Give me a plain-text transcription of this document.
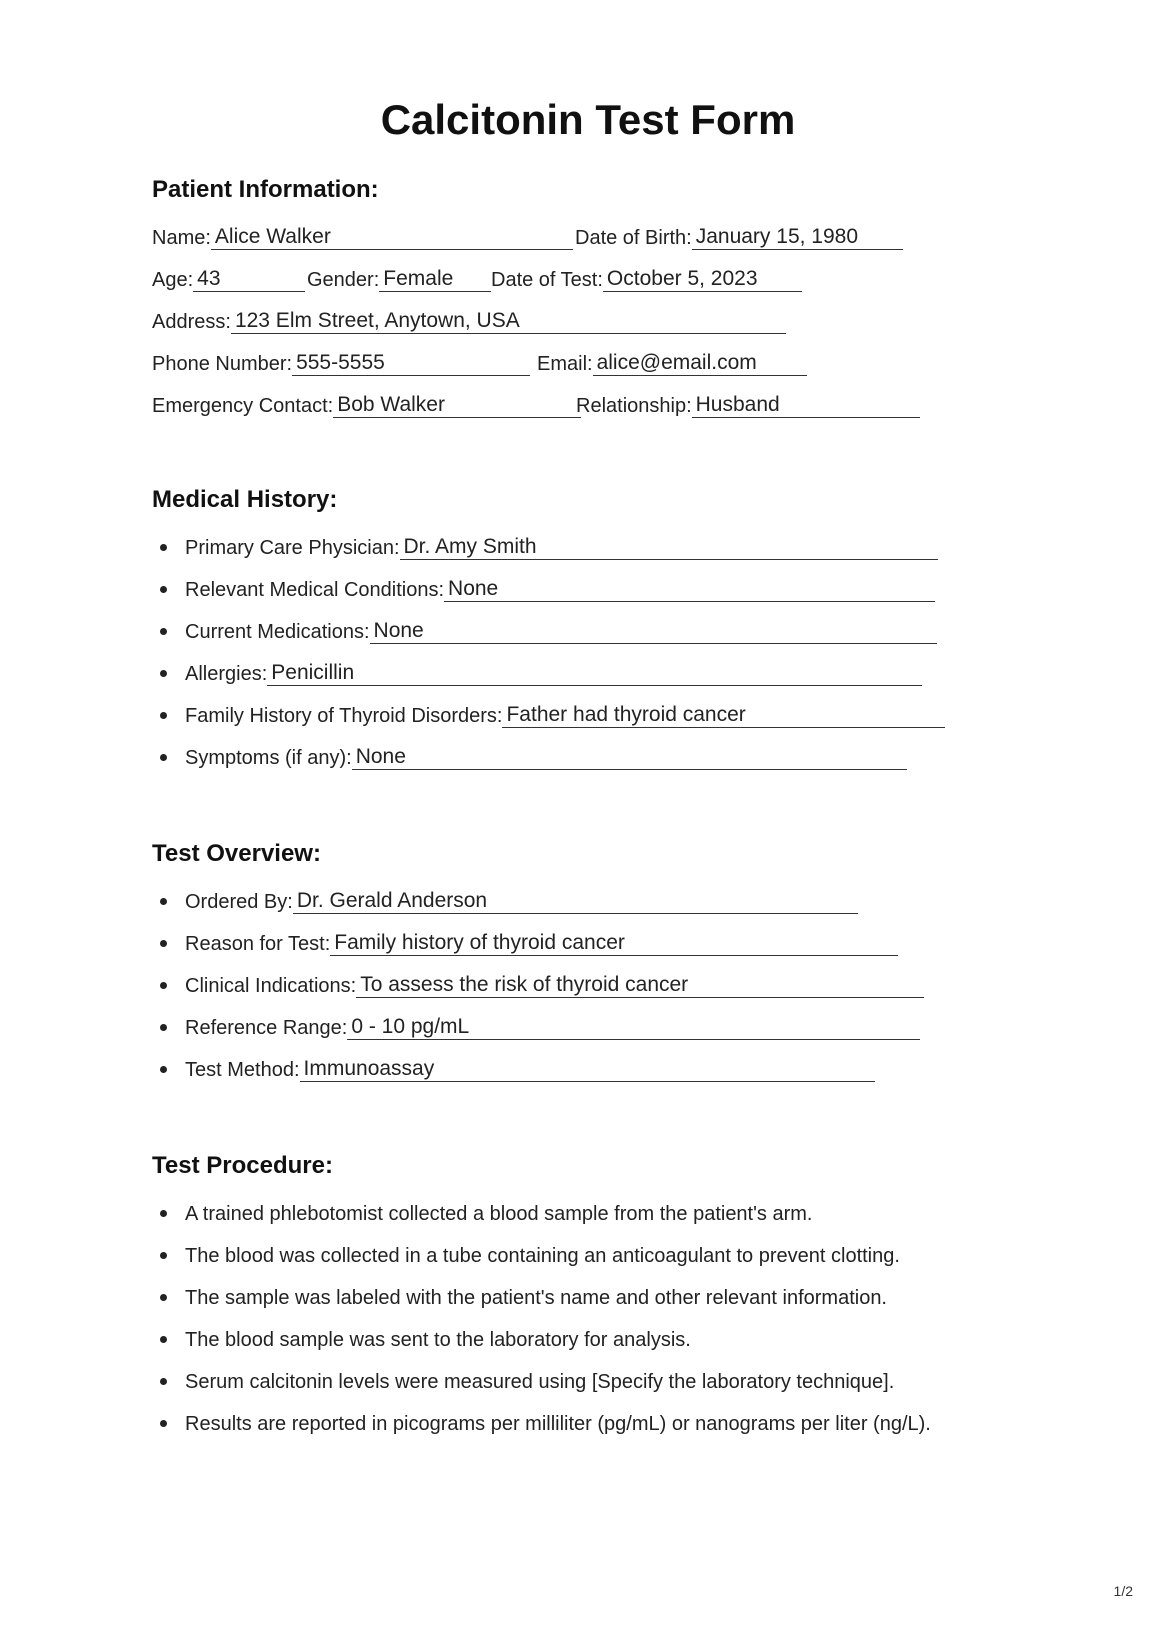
Calcitonin Test Form
Patient Information:
Name: Alice Walker	Date of Birth: January 15, 1980
Age: 43	Gender: Female	Date of Test: October 5, 2023
Address: 123 Elm Street, Anytown, USA
Phone Number: 555-5555	Email: alice@email.com
Emergency Contact: Bob Walker	Relationship: Husband
Medical History:
Primary Care Physician: Dr. Amy Smith
Relevant Medical Conditions: None
Current Medications: None
Allergies: Penicillin
Family History of Thyroid Disorders: Father had thyroid cancer
Symptoms (if any): None
Test Overview:
Ordered By: Dr. Gerald Anderson
Reason for Test: Family history of thyroid cancer
Clinical Indications: To assess the risk of thyroid cancer
Reference Range: 0 - 10 pg/mL
Test Method: Immunoassay
Test Procedure:
A trained phlebotomist collected a blood sample from the patient's arm.
The blood was collected in a tube containing an anticoagulant to prevent clotting.
The sample was labeled with the patient's name and other relevant information.
The blood sample was sent to the laboratory for analysis.
Serum calcitonin levels were measured using [Specify the laboratory technique].
Results are reported in picograms per milliliter (pg/mL) or nanograms per liter (ng/L).
1/2
